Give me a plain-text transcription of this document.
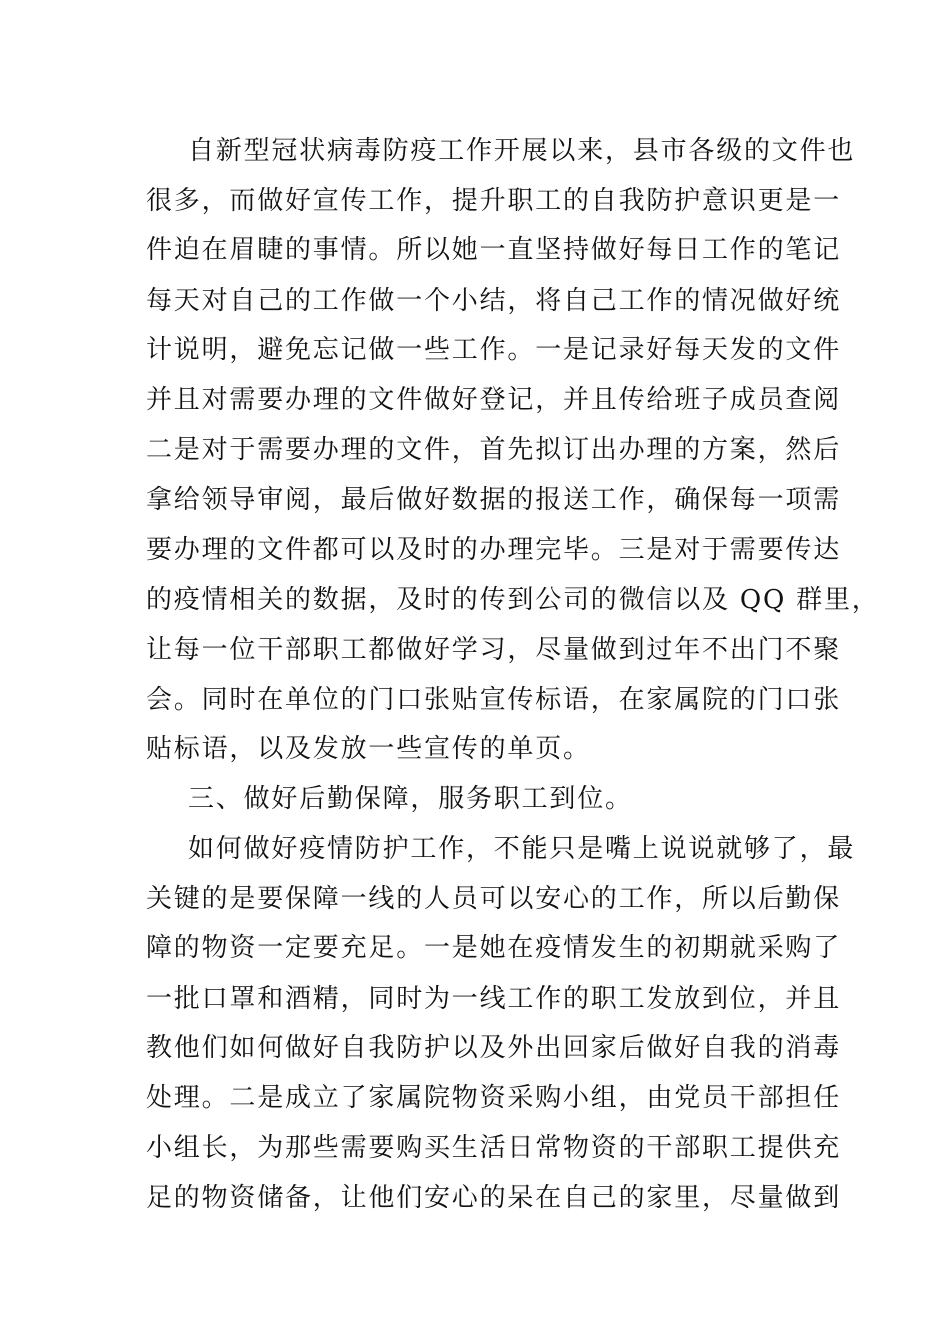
自新型冠状病毒防疫工作开展以来，县市各级的文件也
很多，而做好宣传工作，提升职工的自我防护意识更是一
件迫在眉睫的事情。所以她一直坚持做好每日工作的笔记
每天对自己的工作做一个小结，将自己工作的情况做好统
计说明，避免忘记做一些工作。一是记录好每天发的文件
并且对需要办理的文件做好登记，并且传给班子成员查阅
二是对于需要办理的文件，首先拟订出办理的方案，然后
拿给领导审阅，最后做好数据的报送工作，确保每一项需
要办理的文件都可以及时的办理完毕。三是对于需要传达
的疫情相关的数据，及时的传到公司的微信以及 QQ 群里，
让每一位干部职工都做好学习，尽量做到过年不出门不聚
会。同时在单位的门口张贴宣传标语，在家属院的门口张
贴标语，以及发放一些宣传的单页。
三、做好后勤保障，服务职工到位。
如何做好疫情防护工作，不能只是嘴上说说就够了，最
关键的是要保障一线的人员可以安心的工作，所以后勤保
障的物资一定要充足。一是她在疫情发生的初期就采购了
一批口罩和酒精，同时为一线工作的职工发放到位，并且
教他们如何做好自我防护以及外出回家后做好自我的消毒
处理。二是成立了家属院物资采购小组，由党员干部担任
小组长，为那些需要购买生活日常物资的干部职工提供充
足的物资储备，让他们安心的呆在自己的家里，尽量做到
